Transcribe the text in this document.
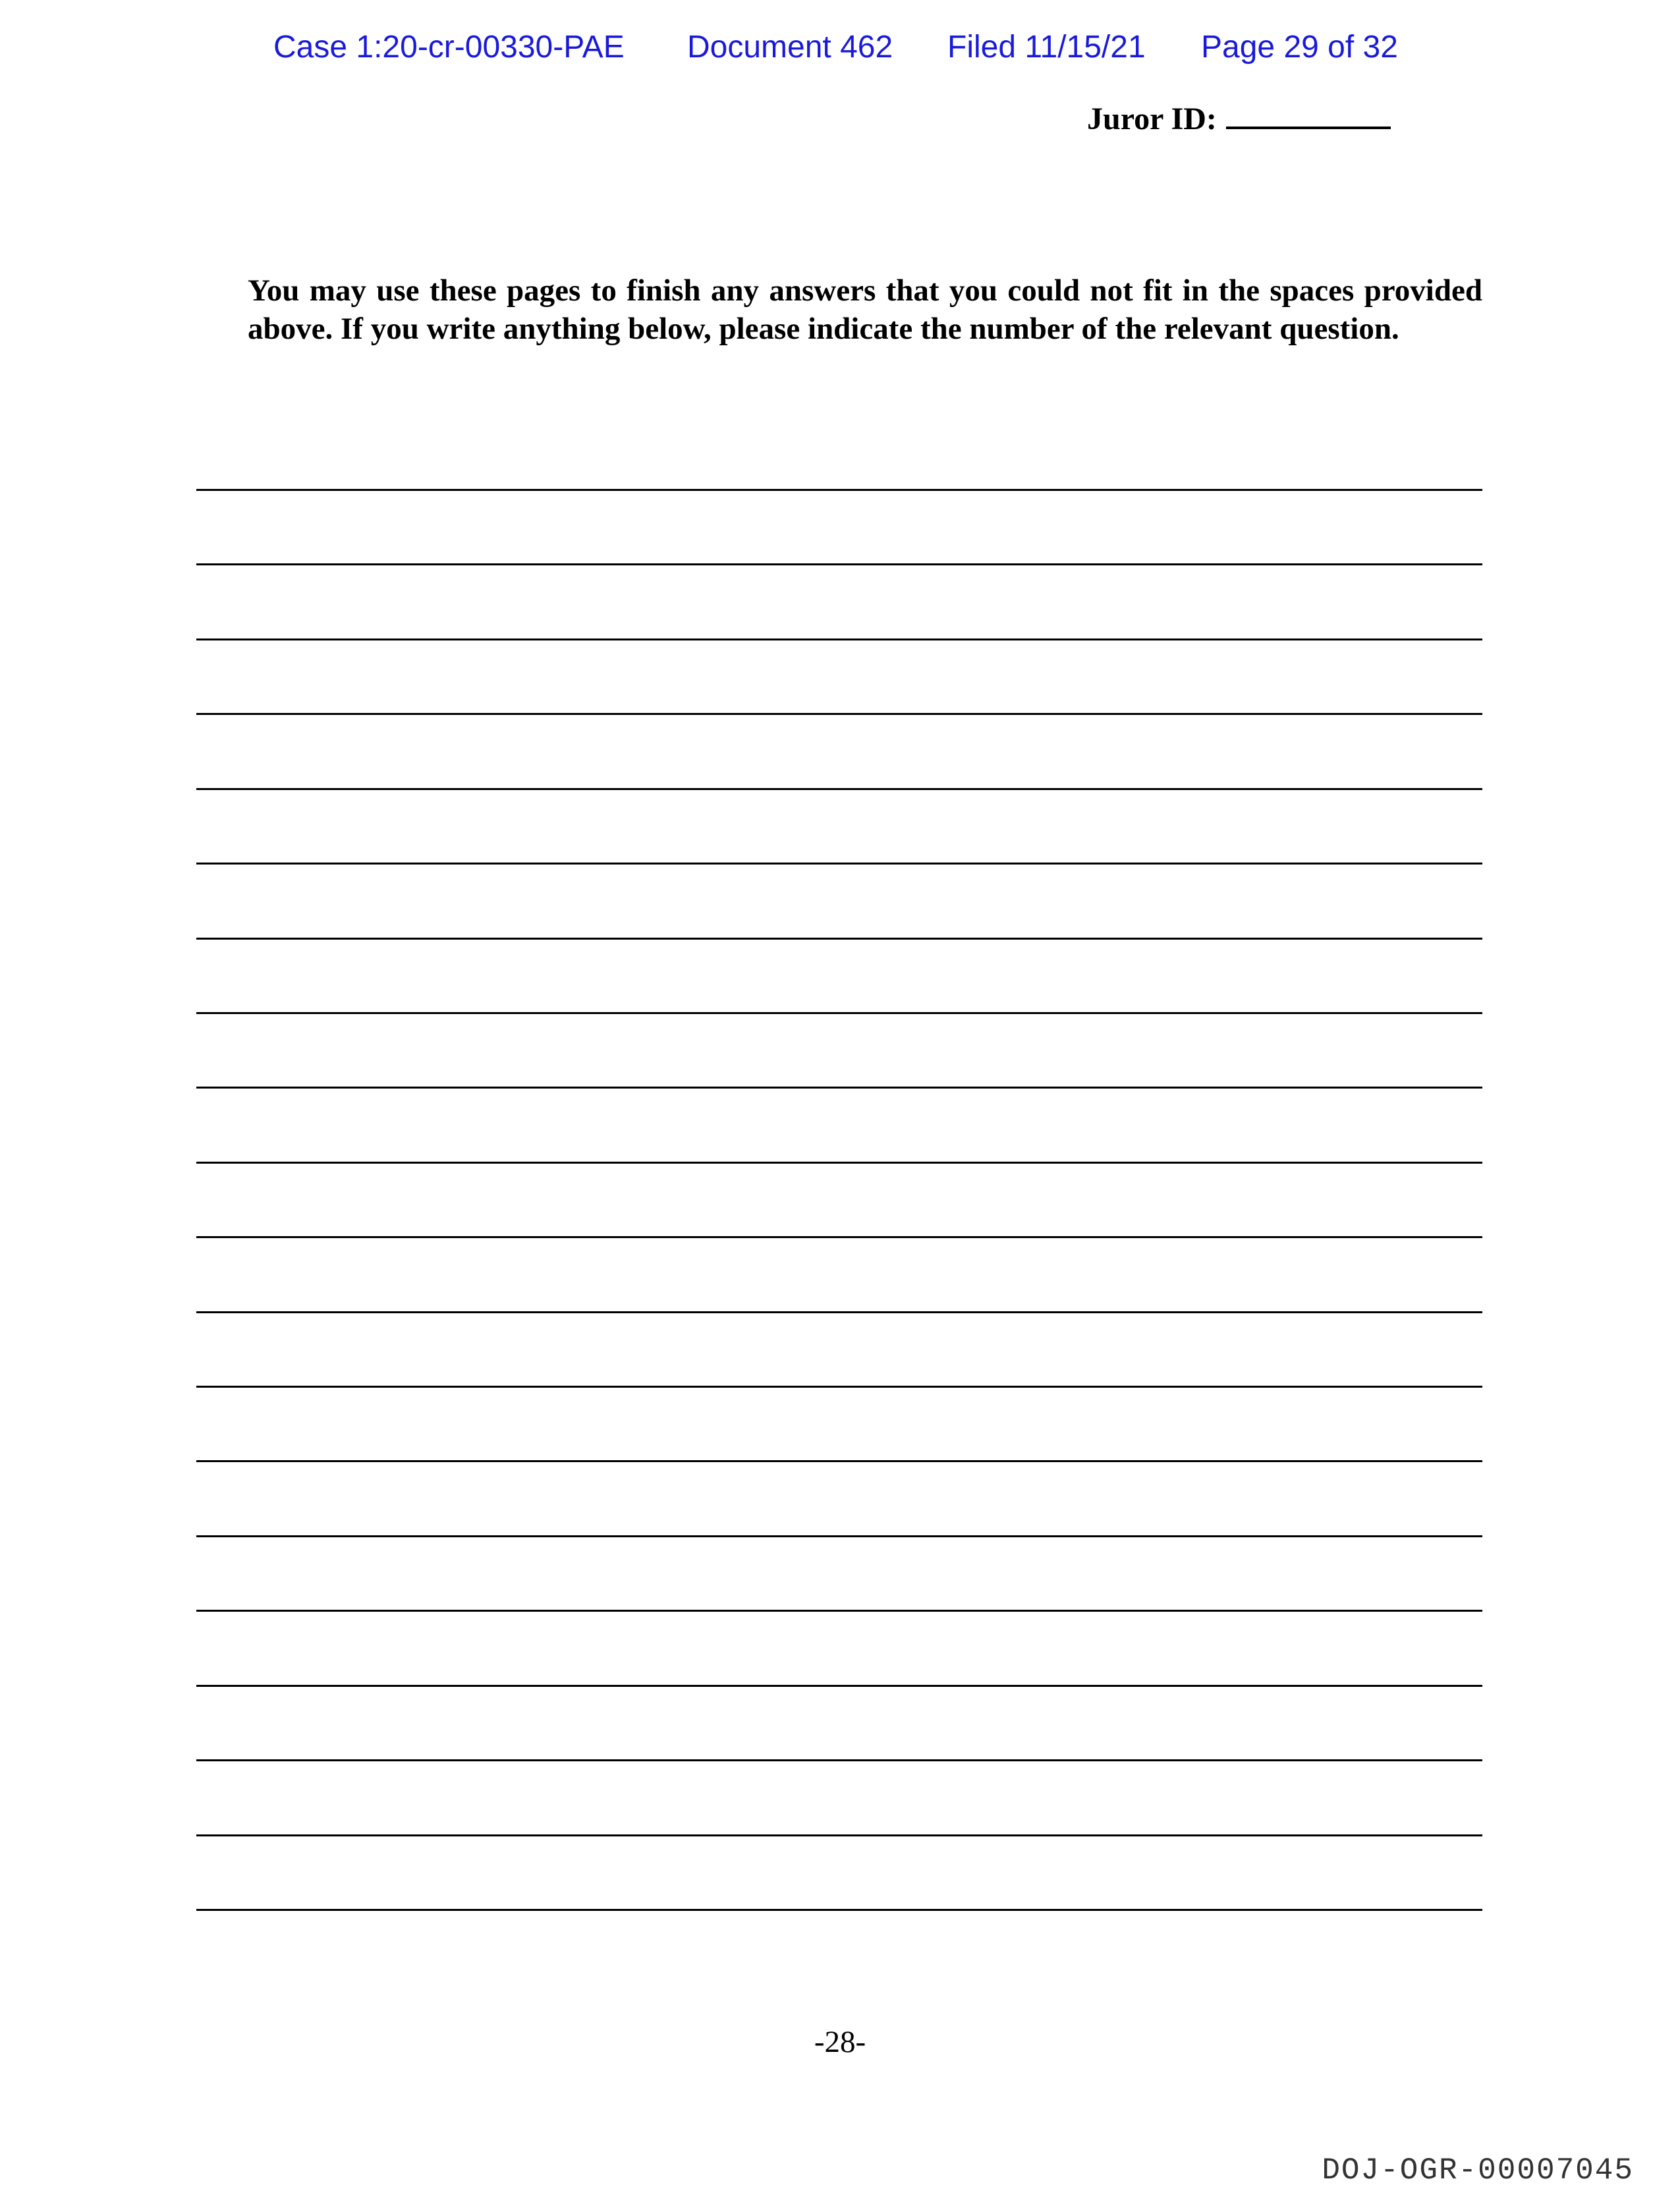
Case 1:20-cr-00330-PAE Document 462 Filed 11/15/21 Page 29 of 32
Juror ID:

You may use these pages to finish any answers that you could not fit in the spaces provided above. If you write anything below, please indicate the number of the relevant question.

-28-
DOJ-OGR-00007045
